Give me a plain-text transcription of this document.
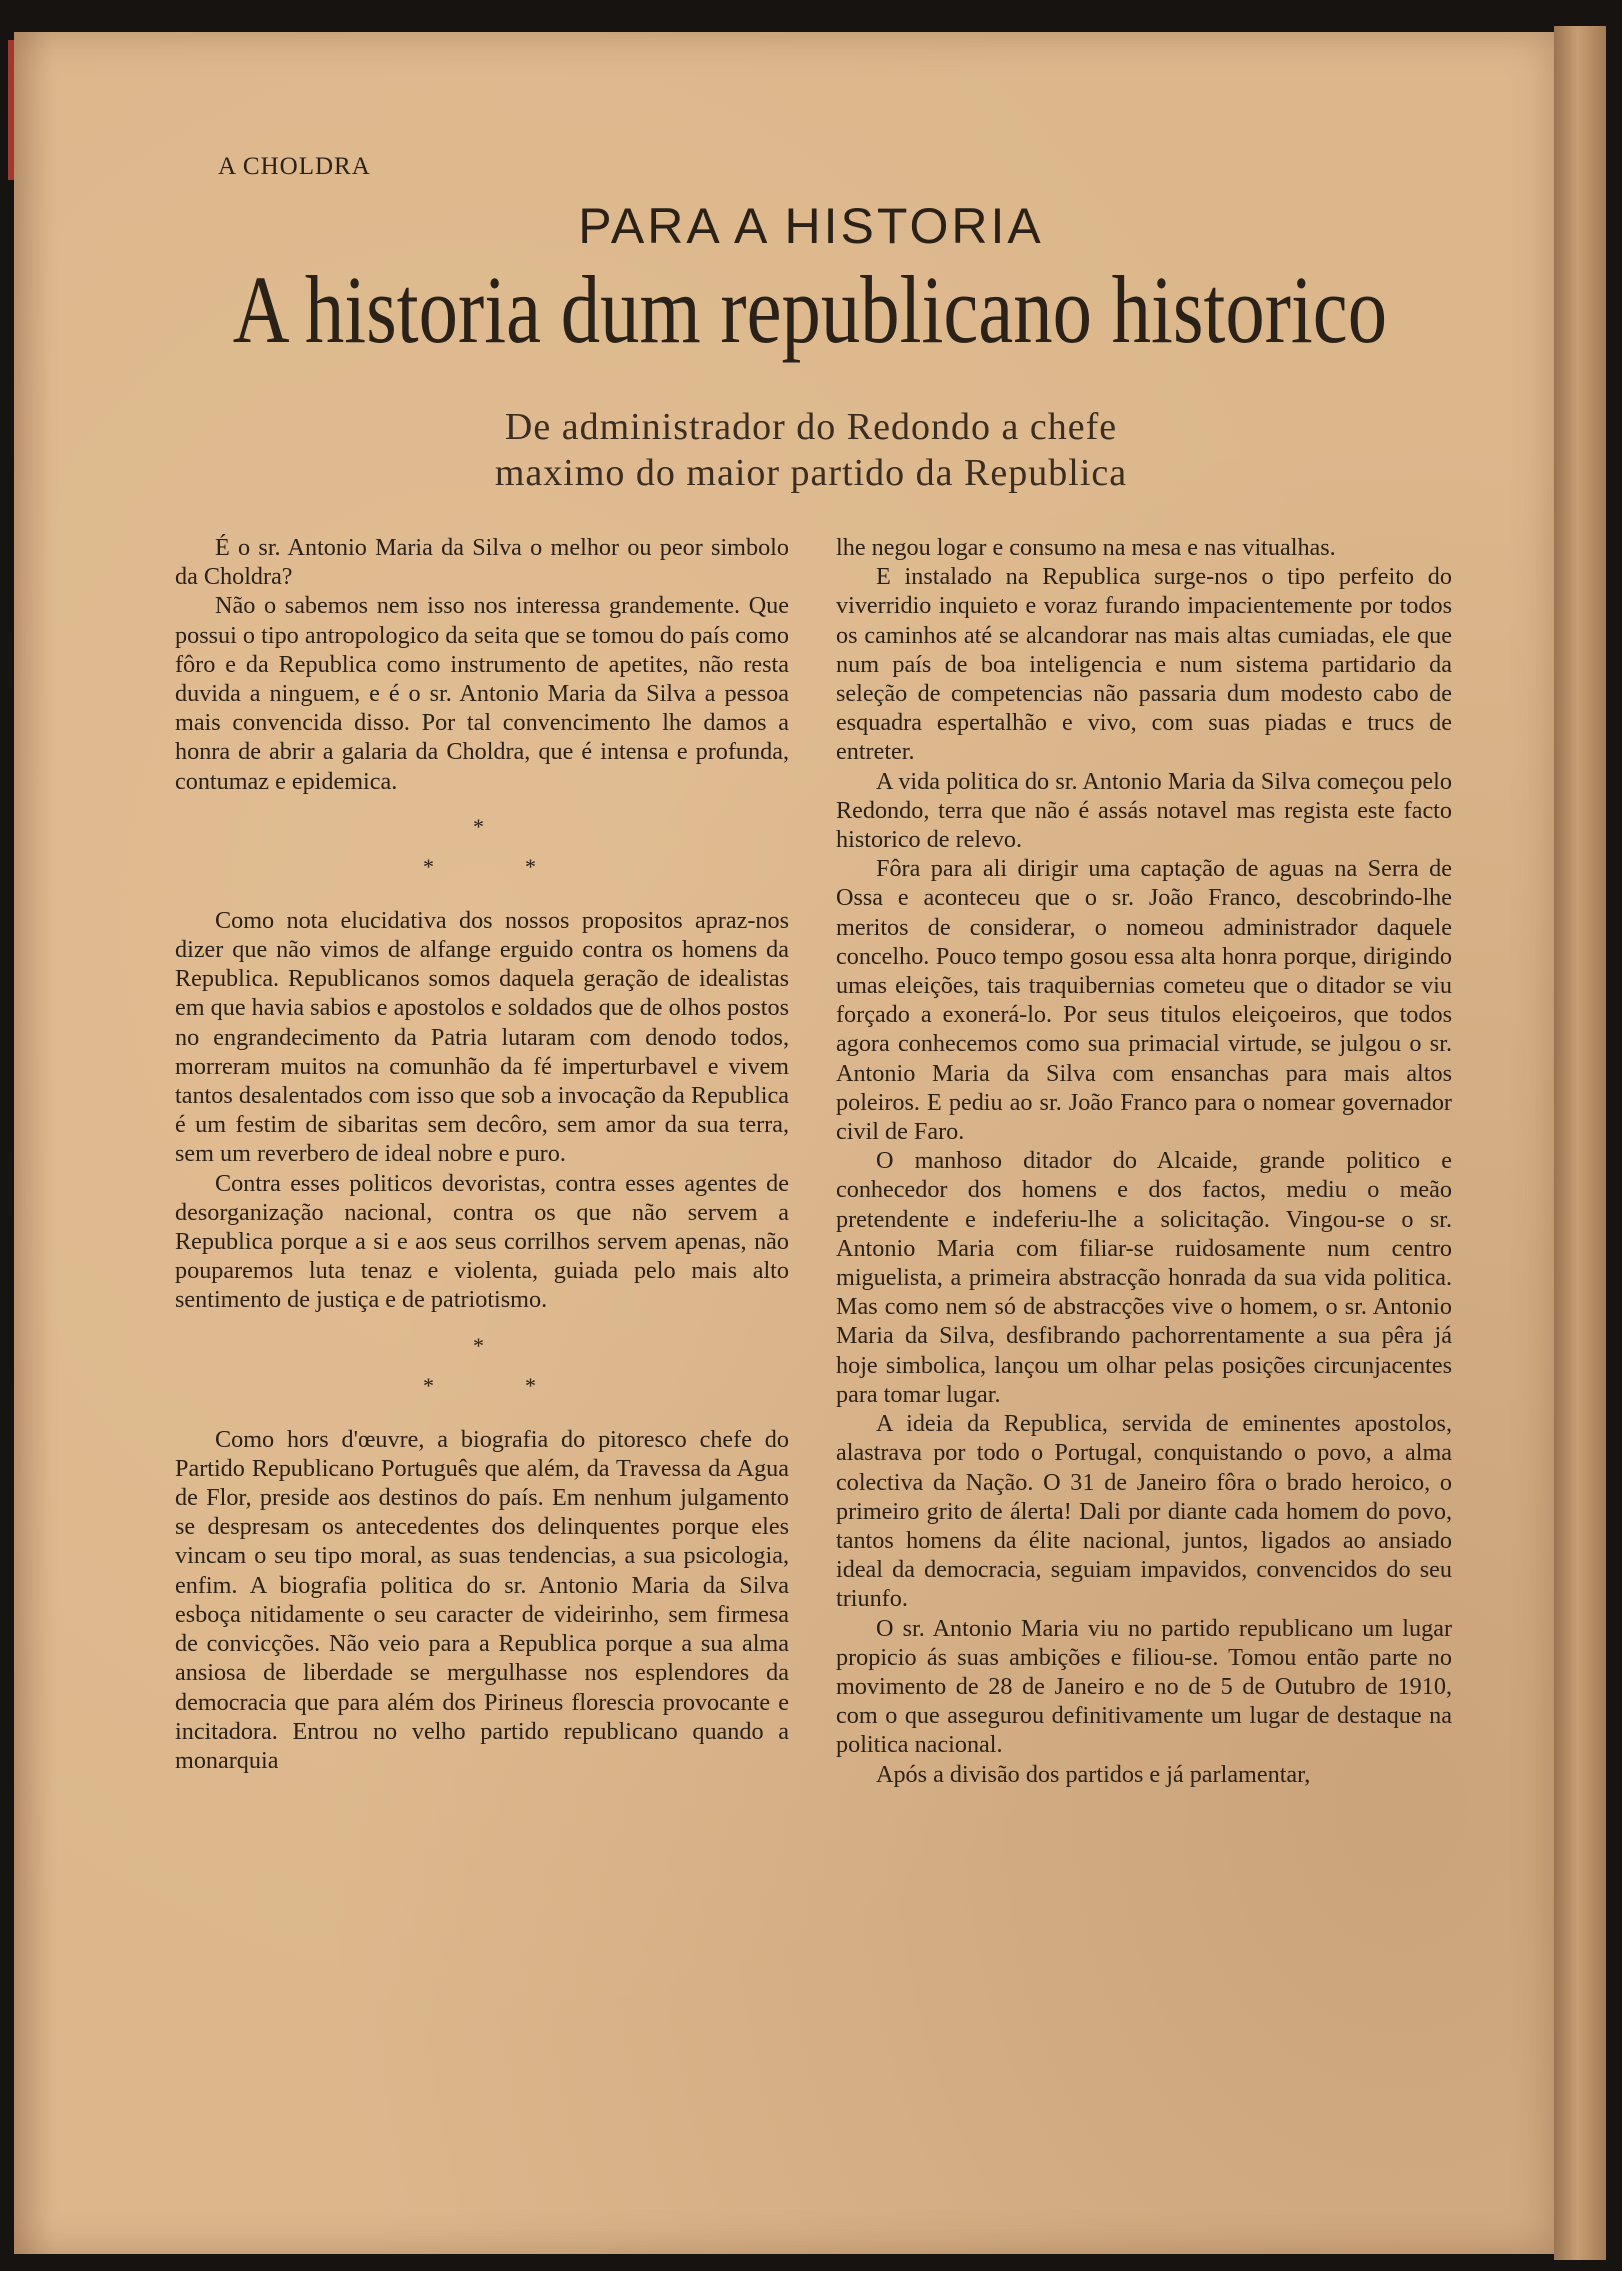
A CHOLDRA
PARA A HISTORIA
A historia dum republicano historico
De administrador do Redondo a chefe
maximo do maior partido da Republica

É o sr. Antonio Maria da Silva o melhor ou peor simbolo da Choldra?

Não o sabemos nem isso nos interessa grandemente. Que possui o tipo antropologico da seita que se tomou do país como fôro e da Republica como instrumento de apetites, não resta duvida a ninguem, e é o sr. Antonio Maria da Silva a pessoa mais convencida disso. Por tal convencimento lhe damos a honra de abrir a galaria da Choldra, que é intensa e profunda, contumaz e epidemica.

*
*	*

Como nota elucidativa dos nossos propositos apraz-nos dizer que não vimos de alfange erguido contra os homens da Republica. Republicanos somos daquela geração de idealistas em que havia sabios e apostolos e soldados que de olhos postos no engrandecimento da Patria lutaram com denodo todos, morreram muitos na comunhão da fé imperturbavel e vivem tantos desalentados com isso que sob a invocação da Republica é um festim de sibaritas sem decôro, sem amor da sua terra, sem um reverbero de ideal nobre e puro.

Contra esses politicos devoristas, contra esses agentes de desorganização nacional, contra os que não servem a Republica porque a si e aos seus corrilhos servem apenas, não pouparemos luta tenaz e violenta, guiada pelo mais alto sentimento de justiça e de patriotismo.

*
*	*

Como hors d'œuvre, a biografia do pitoresco chefe do Partido Republicano Português que além, da Travessa da Agua de Flor, preside aos destinos do país. Em nenhum julgamento se despresam os antecedentes dos delinquentes porque eles vincam o seu tipo moral, as suas tendencias, a sua psicologia, enfim. A biografia politica do sr. Antonio Maria da Silva esboça nitidamente o seu caracter de videirinho, sem firmesa de convicções. Não veio para a Republica porque a sua alma ansiosa de liberdade se mergulhasse nos esplendores da democracia que para além dos Pirineus florescia provocante e incitadora. Entrou no velho partido republicano quando a monarquia

lhe negou logar e consumo na mesa e nas vitualhas.

E instalado na Republica surge-nos o tipo perfeito do viverridio inquieto e voraz furando impacientemente por todos os caminhos até se alcandorar nas mais altas cumiadas, ele que num país de boa inteligencia e num sistema partidario da seleção de competencias não passaria dum modesto cabo de esquadra espertalhão e vivo, com suas piadas e trucs de entreter.

A vida politica do sr. Antonio Maria da Silva começou pelo Redondo, terra que não é assás notavel mas regista este facto historico de relevo.

Fôra para ali dirigir uma captação de aguas na Serra de Ossa e aconteceu que o sr. João Franco, descobrindo-lhe meritos de considerar, o nomeou administrador daquele concelho. Pouco tempo gosou essa alta honra porque, dirigindo umas eleições, tais traquibernias cometeu que o ditador se viu forçado a exonerá-lo. Por seus titulos eleiçoeiros, que todos agora conhecemos como sua primacial virtude, se julgou o sr. Antonio Maria da Silva com ensanchas para mais altos poleiros. E pediu ao sr. João Franco para o nomear governador civil de Faro.

O manhoso ditador do Alcaide, grande politico e conhecedor dos homens e dos factos, mediu o meão pretendente e indeferiu-lhe a solicitação. Vingou-se o sr. Antonio Maria com filiar-se ruidosamente num centro miguelista, a primeira abstracção honrada da sua vida politica. Mas como nem só de abstracções vive o homem, o sr. Antonio Maria da Silva, desfibrando pachorrentamente a sua pêra já hoje simbolica, lançou um olhar pelas posições circunjacentes para tomar lugar.

A ideia da Republica, servida de eminentes apostolos, alastrava por todo o Portugal, conquistando o povo, a alma colectiva da Nação. O 31 de Janeiro fôra o brado heroico, o primeiro grito de álerta! Dali por diante cada homem do povo, tantos homens da élite nacional, juntos, ligados ao ansiado ideal da democracia, seguiam impavidos, convencidos do seu triunfo.

O sr. Antonio Maria viu no partido republicano um lugar propicio ás suas ambições e filiou-se. Tomou então parte no movimento de 28 de Janeiro e no de 5 de Outubro de 1910, com o que assegurou definitivamente um lugar de destaque na politica nacional.

Após a divisão dos partidos e já parlamentar,
